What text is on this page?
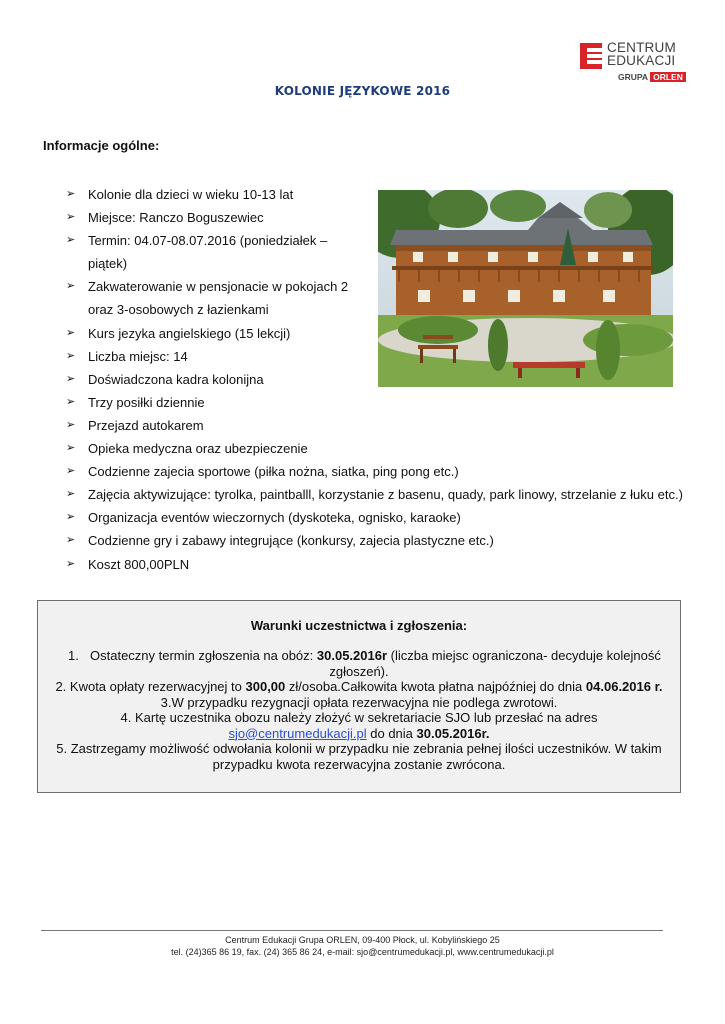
CENTRUM
EDUKACJI
GRUPA ORLEN
KOLONIE JĘZYKOWE 2016
Informacje ogólne:
➢ Kolonie dla dzieci w wieku 10-13 lat
➢ Miejsce: Ranczo Boguszewiec
➢ Termin: 04.07-08.07.2016 (poniedziałek – piątek)
➢ Zakwaterowanie w pensjonacie w pokojach 2 oraz 3-osobowych z łazienkami
➢ Kurs jezyka angielskiego (15 lekcji)
➢ Liczba miejsc: 14
➢ Doświadczona kadra kolonijna
➢ Trzy posiłki dziennie
➢ Przejazd autokarem
➢ Opieka medyczna oraz ubezpieczenie
➢ Codzienne zajecia sportowe (piłka nożna, siatka, ping pong etc.)
➢ Zajęcia aktywizujące: tyrolka, paintballl, korzystanie z basenu, quady, park linowy, strzelanie z łuku etc.)
➢ Organizacja eventów wieczornych (dyskoteka, ognisko, karaoke)
➢ Codzienne gry i zabawy integrujące (konkursy, zajecia plastyczne etc.)
➢ Koszt 800,00PLN
Warunki uczestnictwa i zgłoszenia:
1. Ostateczny termin zgłoszenia na obóz: 30.05.2016r (liczba miejsc ograniczona- decyduje kolejność
zgłoszeń).
2. Kwota opłaty rezerwacyjnej to 300,00 zł/osoba.Całkowita kwota płatna najpóźniej do dnia 04.06.2016 r.
3.W przypadku rezygnacji opłata rezerwacyjna nie podlega zwrotowi.
4. Kartę uczestnika obozu należy złożyć w sekretariacie SJO lub przesłać na adres
sjo@centrumedukacji.pl do dnia 30.05.2016r.
5. Zastrzegamy możliwość odwołania kolonii w przypadku nie zebrania pełnej ilości uczestników. W takim przypadku kwota rezerwacyjna zostanie zwrócona.
Centrum Edukacji Grupa ORLEN, 09-400 Płock, ul. Kobylińskiego 25
tel. (24)365 86 19, fax. (24) 365 86 24, e-mail: sjo@centrumedukacji.pl, www.centrumedukacji.pl
